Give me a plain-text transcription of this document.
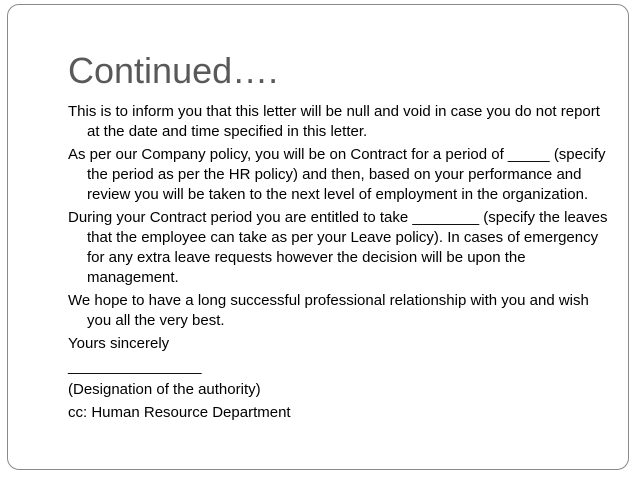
Continued….

This is to inform you that this letter will be null and void in case you do not report at the date and time specified in this letter.

As per our Company policy, you will be on Contract for a period of _____ (specify the period as per the HR policy) and then, based on your performance and review you will be taken to the next level of employment in the organization.

During your Contract period you are entitled to take ________ (specify the leaves that the employee can take as per your Leave policy). In cases of emergency for any extra leave requests however the decision will be upon the management.

We hope to have a long successful professional relationship with you and wish you all the very best.

Yours sincerely

________________

(Designation of the authority)

cc: Human Resource Department
